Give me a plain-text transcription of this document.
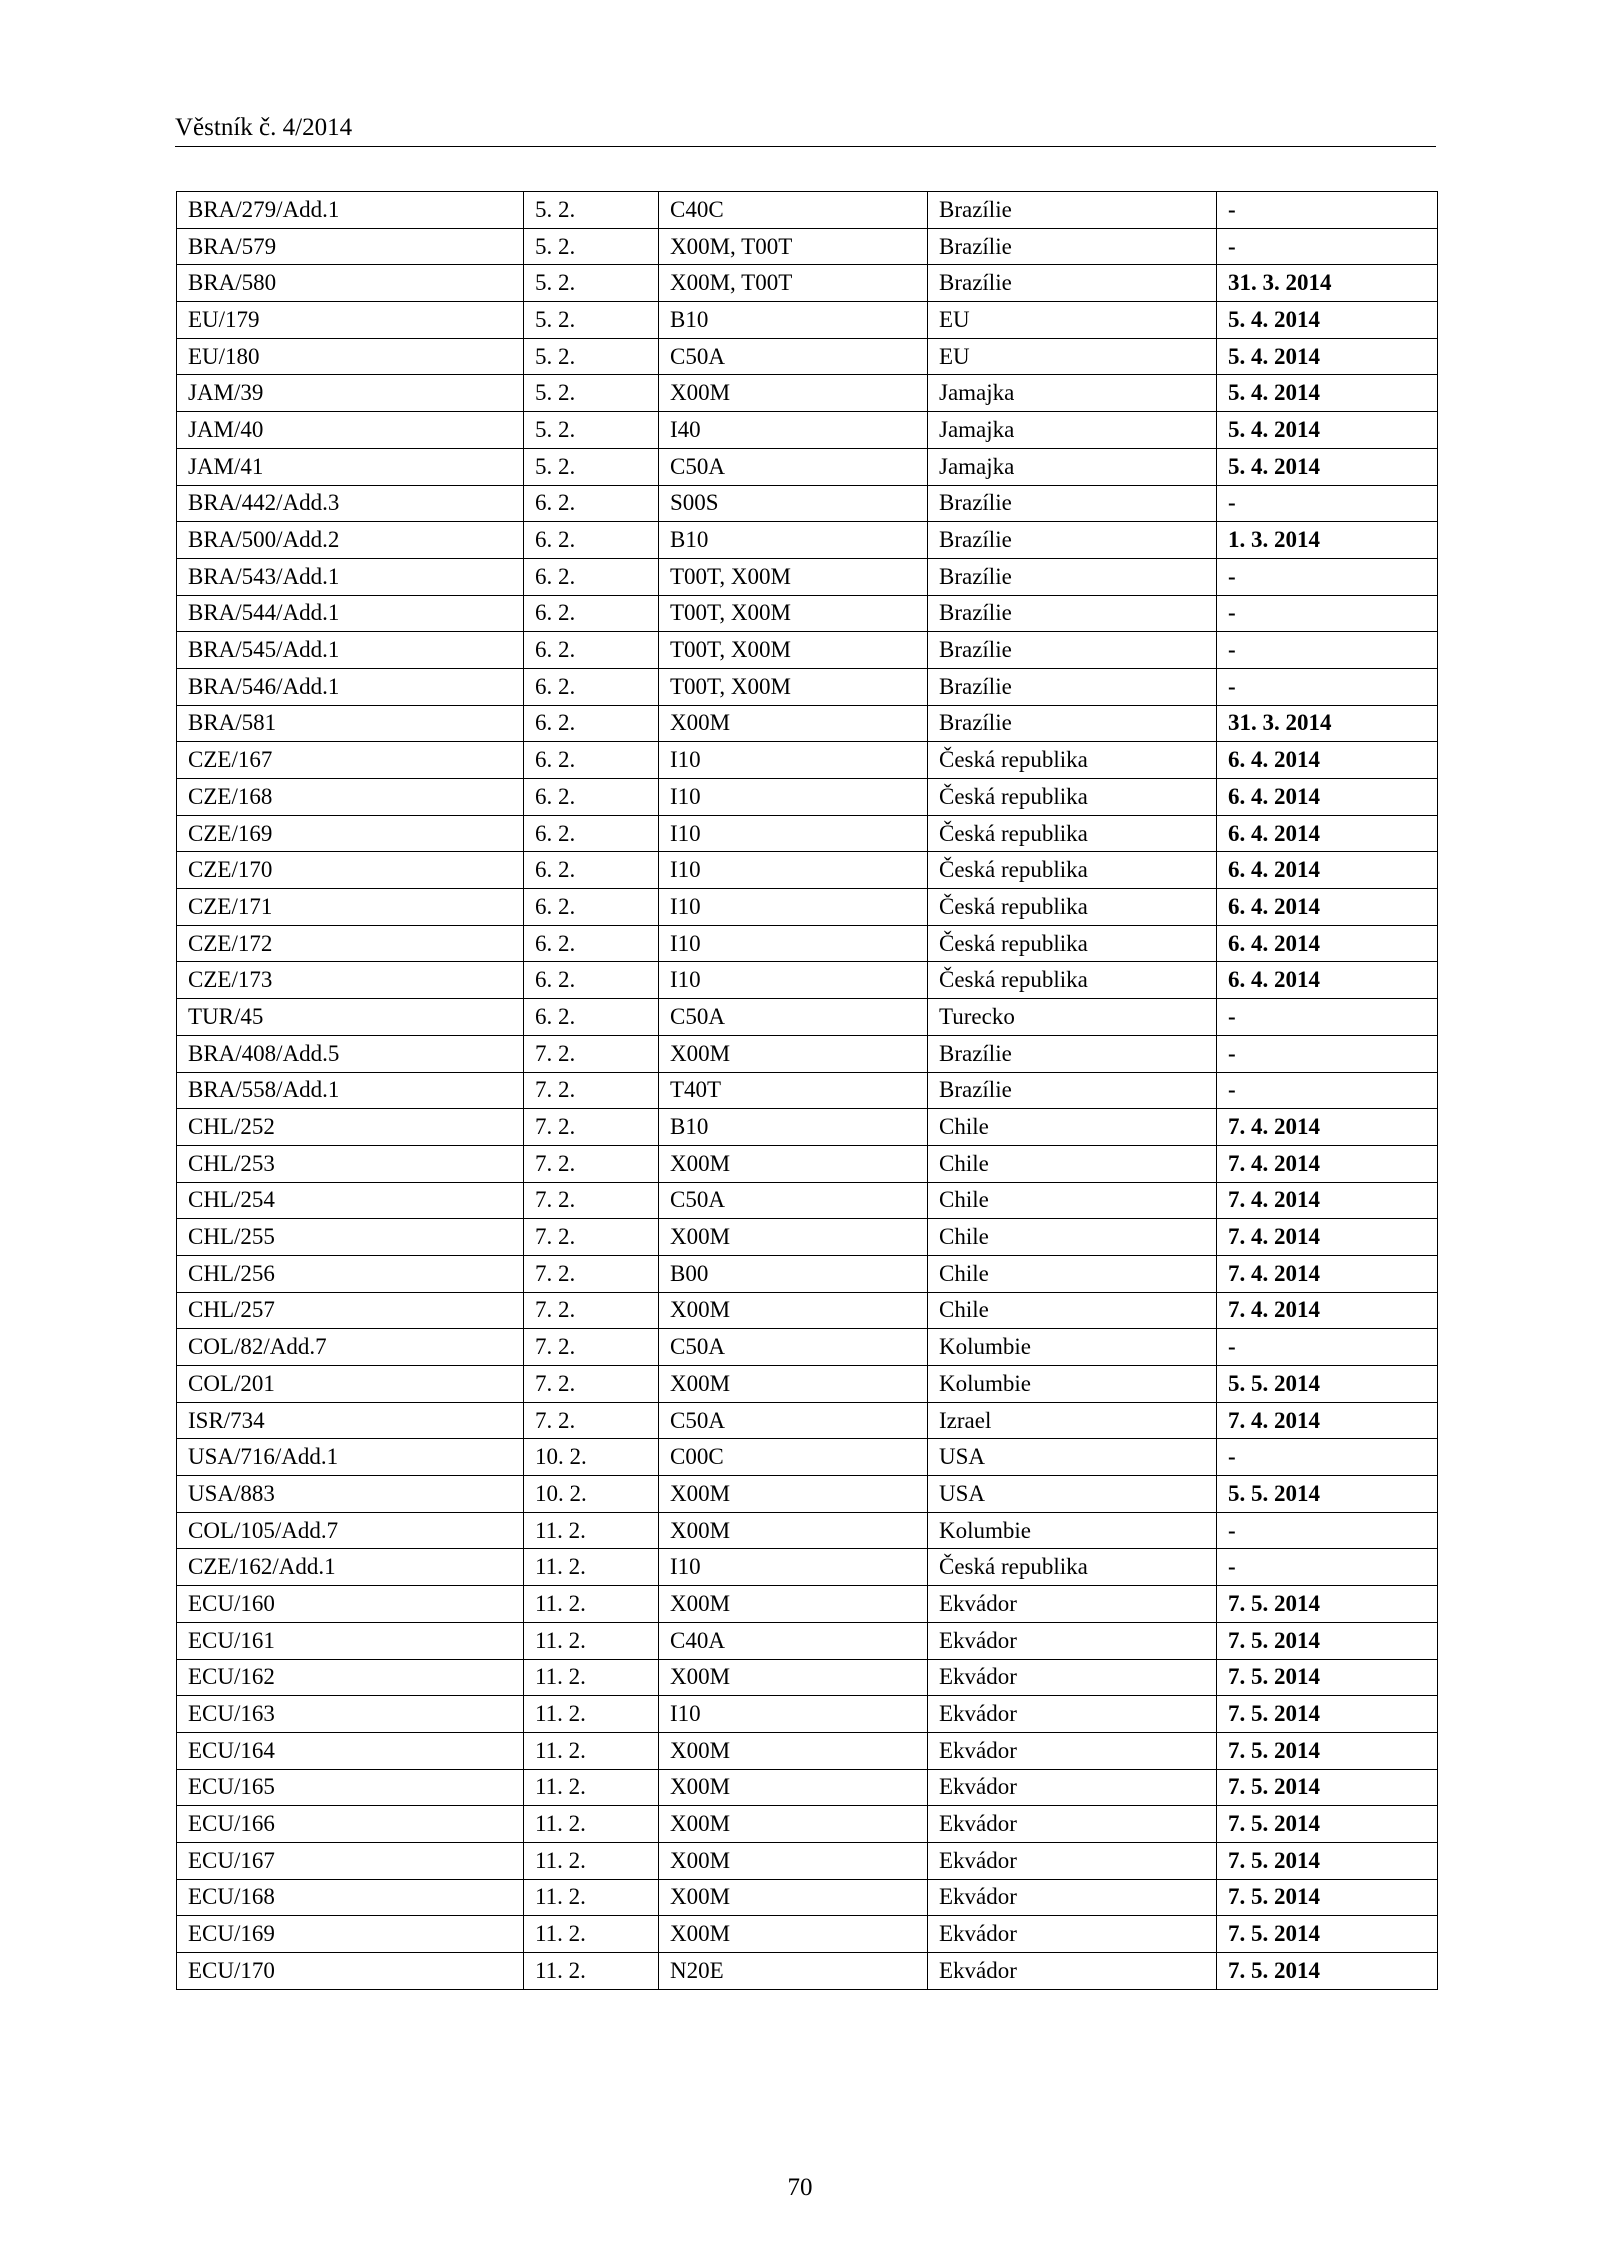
Věstník č. 4/2014
BRA/279/Add.1	5. 2.	C40C	Brazílie	-
BRA/579	5. 2.	X00M, T00T	Brazílie	-
BRA/580	5. 2.	X00M, T00T	Brazílie	31. 3. 2014
EU/179	5. 2.	B10	EU	5. 4. 2014
EU/180	5. 2.	C50A	EU	5. 4. 2014
JAM/39	5. 2.	X00M	Jamajka	5. 4. 2014
JAM/40	5. 2.	I40	Jamajka	5. 4. 2014
JAM/41	5. 2.	C50A	Jamajka	5. 4. 2014
BRA/442/Add.3	6. 2.	S00S	Brazílie	-
BRA/500/Add.2	6. 2.	B10	Brazílie	1. 3. 2014
BRA/543/Add.1	6. 2.	T00T, X00M	Brazílie	-
BRA/544/Add.1	6. 2.	T00T, X00M	Brazílie	-
BRA/545/Add.1	6. 2.	T00T, X00M	Brazílie	-
BRA/546/Add.1	6. 2.	T00T, X00M	Brazílie	-
BRA/581	6. 2.	X00M	Brazílie	31. 3. 2014
CZE/167	6. 2.	I10	Česká republika	6. 4. 2014
CZE/168	6. 2.	I10	Česká republika	6. 4. 2014
CZE/169	6. 2.	I10	Česká republika	6. 4. 2014
CZE/170	6. 2.	I10	Česká republika	6. 4. 2014
CZE/171	6. 2.	I10	Česká republika	6. 4. 2014
CZE/172	6. 2.	I10	Česká republika	6. 4. 2014
CZE/173	6. 2.	I10	Česká republika	6. 4. 2014
TUR/45	6. 2.	C50A	Turecko	-
BRA/408/Add.5	7. 2.	X00M	Brazílie	-
BRA/558/Add.1	7. 2.	T40T	Brazílie	-
CHL/252	7. 2.	B10	Chile	7. 4. 2014
CHL/253	7. 2.	X00M	Chile	7. 4. 2014
CHL/254	7. 2.	C50A	Chile	7. 4. 2014
CHL/255	7. 2.	X00M	Chile	7. 4. 2014
CHL/256	7. 2.	B00	Chile	7. 4. 2014
CHL/257	7. 2.	X00M	Chile	7. 4. 2014
COL/82/Add.7	7. 2.	C50A	Kolumbie	-
COL/201	7. 2.	X00M	Kolumbie	5. 5. 2014
ISR/734	7. 2.	C50A	Izrael	7. 4. 2014
USA/716/Add.1	10. 2.	C00C	USA	-
USA/883	10. 2.	X00M	USA	5. 5. 2014
COL/105/Add.7	11. 2.	X00M	Kolumbie	-
CZE/162/Add.1	11. 2.	I10	Česká republika	-
ECU/160	11. 2.	X00M	Ekvádor	7. 5. 2014
ECU/161	11. 2.	C40A	Ekvádor	7. 5. 2014
ECU/162	11. 2.	X00M	Ekvádor	7. 5. 2014
ECU/163	11. 2.	I10	Ekvádor	7. 5. 2014
ECU/164	11. 2.	X00M	Ekvádor	7. 5. 2014
ECU/165	11. 2.	X00M	Ekvádor	7. 5. 2014
ECU/166	11. 2.	X00M	Ekvádor	7. 5. 2014
ECU/167	11. 2.	X00M	Ekvádor	7. 5. 2014
ECU/168	11. 2.	X00M	Ekvádor	7. 5. 2014
ECU/169	11. 2.	X00M	Ekvádor	7. 5. 2014
ECU/170	11. 2.	N20E	Ekvádor	7. 5. 2014
70
